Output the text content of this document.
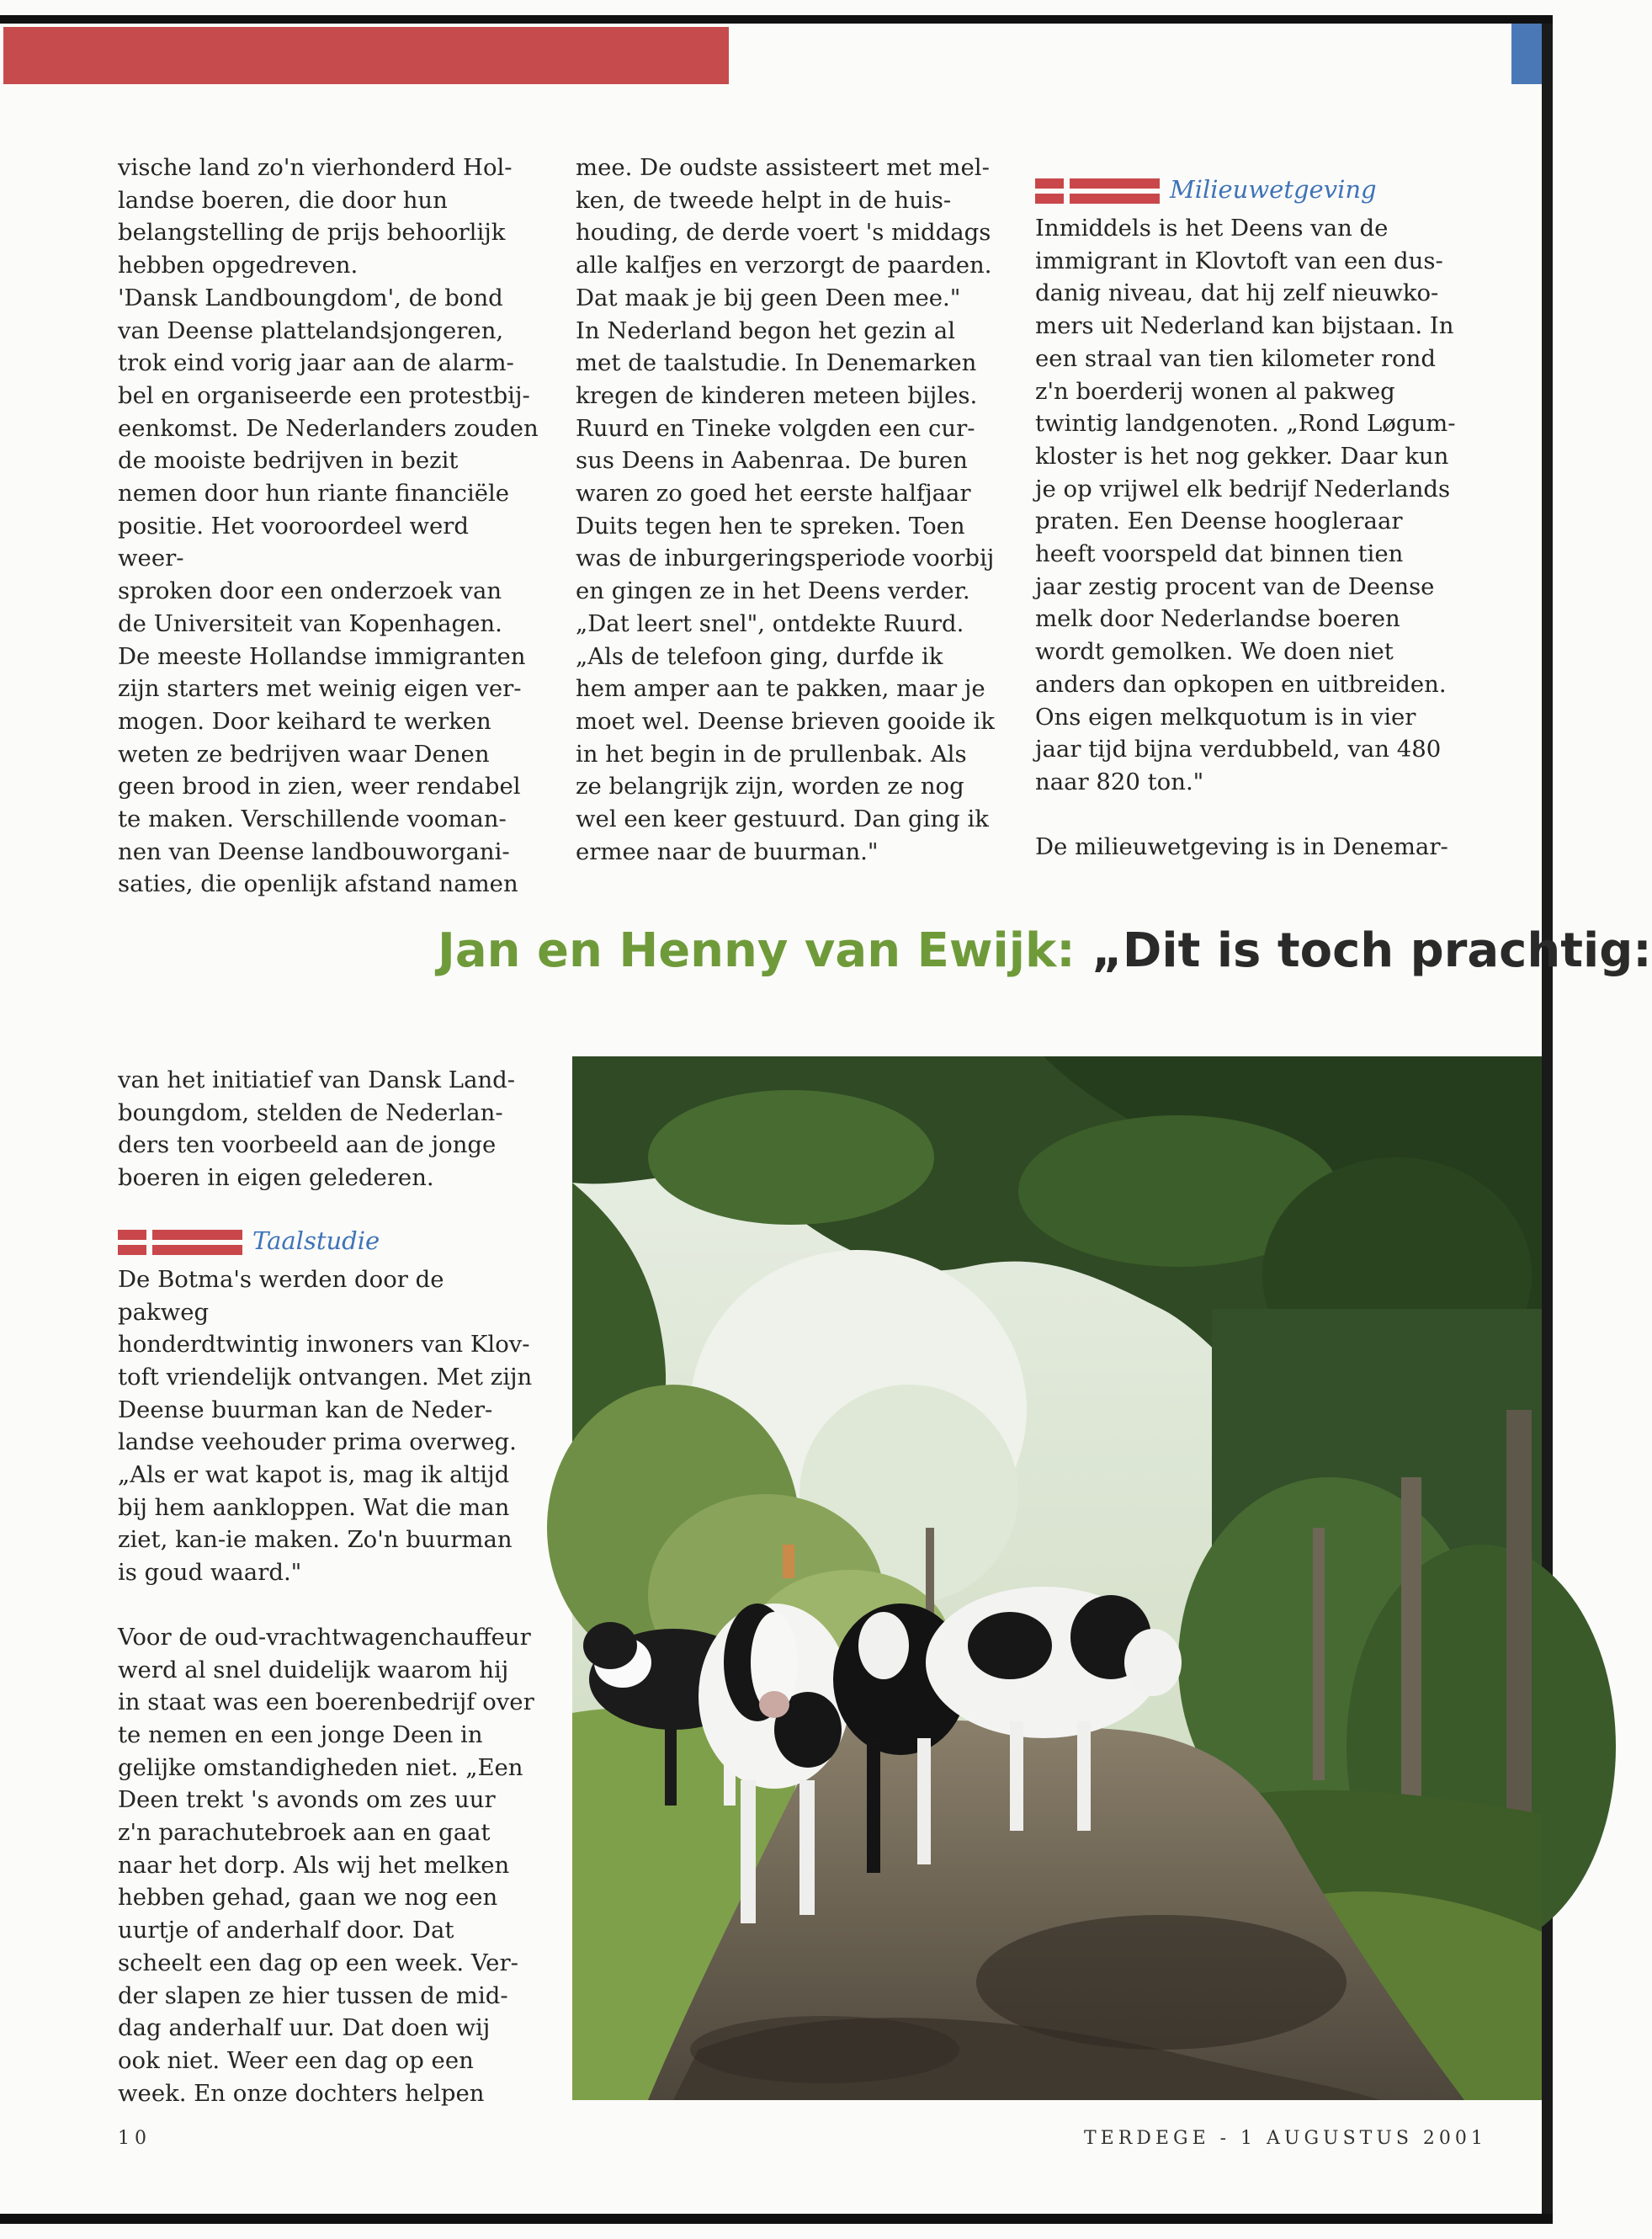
vische land zo'n vierhonderd Hol-

landse boeren, die door hun

belangstelling de prijs behoorlijk

hebben opgedreven.

'Dansk Landboungdom', de bond

van Deense plattelandsjongeren,

trok eind vorig jaar aan de alarm-

bel en organiseerde een protestbij-

eenkomst. De Nederlanders zouden

de mooiste bedrijven in bezit

nemen door hun riante financiële

positie. Het vooroordeel werd weer-

sproken door een onderzoek van

de Universiteit van Kopenhagen.

De meeste Hollandse immigranten

zijn starters met weinig eigen ver-

mogen. Door keihard te werken

weten ze bedrijven waar Denen

geen brood in zien, weer rendabel

te maken. Verschillende vooman-

nen van Deense landbouworgani-

saties, die openlijk afstand namen

mee. De oudste assisteert met mel-

ken, de tweede helpt in de huis-

houding, de derde voert 's middags

alle kalfjes en verzorgt de paarden.

Dat maak je bij geen Deen mee."

In Nederland begon het gezin al

met de taalstudie. In Denemarken

kregen de kinderen meteen bijles.

Ruurd en Tineke volgden een cur-

sus Deens in Aabenraa. De buren

waren zo goed het eerste halfjaar

Duits tegen hen te spreken. Toen

was de inburgeringsperiode voorbij

en gingen ze in het Deens verder.

„Dat leert snel", ontdekte Ruurd.

„Als de telefoon ging, durfde ik

hem amper aan te pakken, maar je

moet wel. Deense brieven gooide ik

in het begin in de prullenbak. Als

ze belangrijk zijn, worden ze nog

wel een keer gestuurd. Dan ging ik

ermee naar de buurman."

Milieuwetgeving

Inmiddels is het Deens van de

immigrant in Klovtoft van een dus-

danig niveau, dat hij zelf nieuwko-

mers uit Nederland kan bijstaan. In

een straal van tien kilometer rond

z'n boerderij wonen al pakweg

twintig landgenoten. „Rond Løgum-

kloster is het nog gekker. Daar kun

je op vrijwel elk bedrijf Nederlands

praten. Een Deense hoogleraar

heeft voorspeld dat binnen tien

jaar zestig procent van de Deense

melk door Nederlandse boeren

wordt gemolken. We doen niet

anders dan opkopen en uitbreiden.

Ons eigen melkquotum is in vier

jaar tijd bijna verdubbeld, van 480

naar 820 ton."

De milieuwetgeving is in Denemar-

Jan en Henny van Ewijk: „Dit is toch prachtig:

van het initiatief van Dansk Land-

boungdom, stelden de Nederlan-

ders ten voorbeeld aan de jonge

boeren in eigen gelederen.

Taalstudie

De Botma's werden door de pakweg

honderdtwintig inwoners van Klov-

toft vriendelijk ontvangen. Met zijn

Deense buurman kan de Neder-

landse veehouder prima overweg.

„Als er wat kapot is, mag ik altijd

bij hem aankloppen. Wat die man

ziet, kan-ie maken. Zo'n buurman

is goud waard."

Voor de oud-vrachtwagenchauffeur

werd al snel duidelijk waarom hij

in staat was een boerenbedrijf over

te nemen en een jonge Deen in

gelijke omstandigheden niet. „Een

Deen trekt 's avonds om zes uur

z'n parachutebroek aan en gaat

naar het dorp. Als wij het melken

hebben gehad, gaan we nog een

uurtje of anderhalf door. Dat

scheelt een dag op een week. Ver-

der slapen ze hier tussen de mid-

dag anderhalf uur. Dat doen wij

ook niet. Weer een dag op een

week. En onze dochters helpen

10	TERDEGE - 1 AUGUSTUS 2001
